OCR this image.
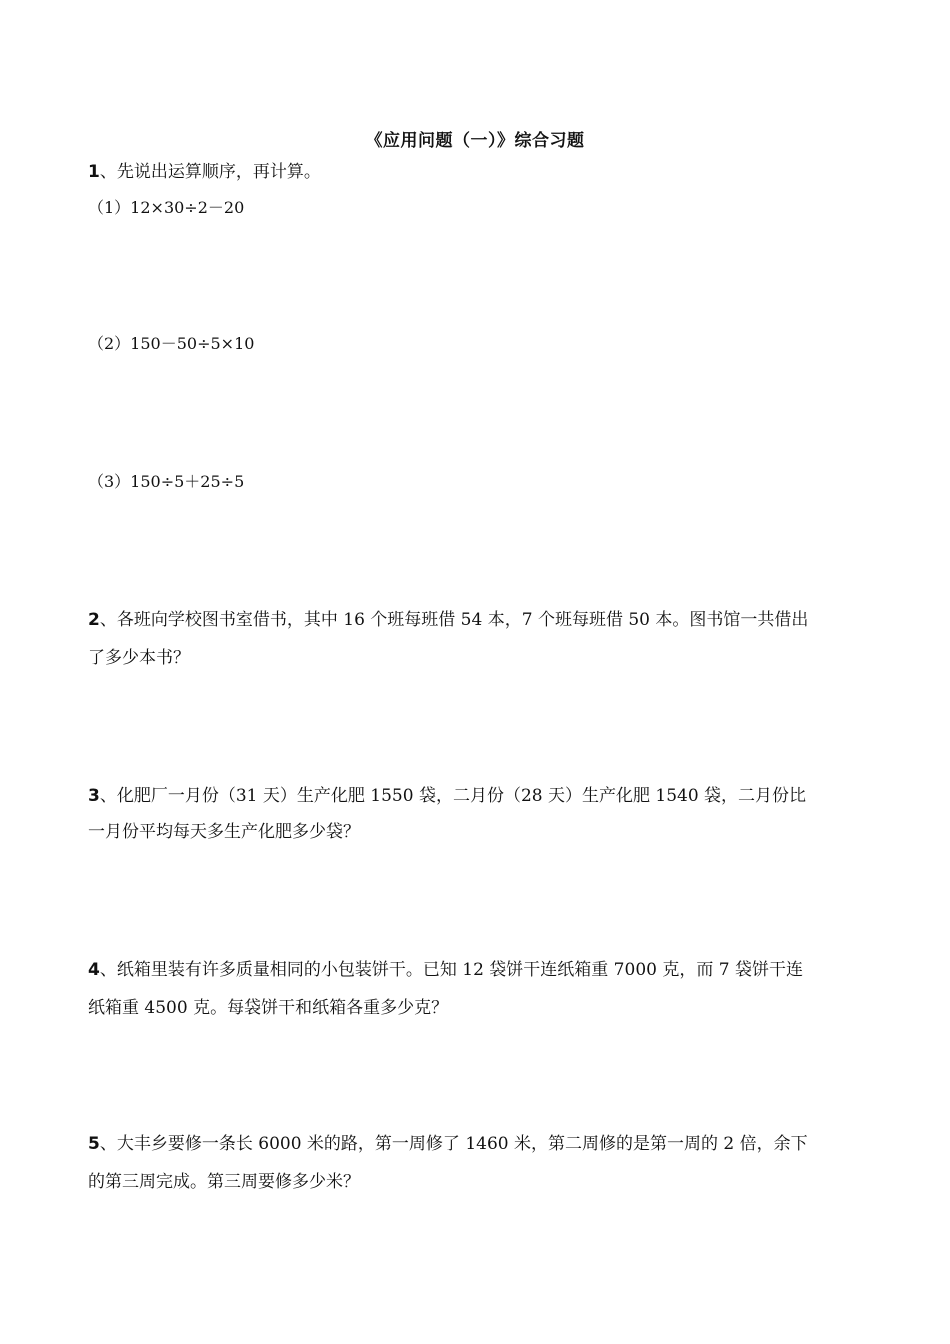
《应用问题（一）》综合习题
1、先说出运算顺序，再计算。
（1）12×30÷2－20
（2）150－50÷5×10
（3）150÷5＋25÷5
2、各班向学校图书室借书，其中 16 个班每班借 54 本，7 个班每班借 50 本。图书馆一共借出
了多少本书？
3、化肥厂一月份（31 天）生产化肥 1550 袋，二月份（28 天）生产化肥 1540 袋，二月份比
一月份平均每天多生产化肥多少袋？
4、纸箱里装有许多质量相同的小包装饼干。已知 12 袋饼干连纸箱重 7000 克，而 7 袋饼干连
纸箱重 4500 克。每袋饼干和纸箱各重多少克？
5、大丰乡要修一条长 6000 米的路，第一周修了 1460 米，第二周修的是第一周的 2 倍，余下
的第三周完成。第三周要修多少米？
